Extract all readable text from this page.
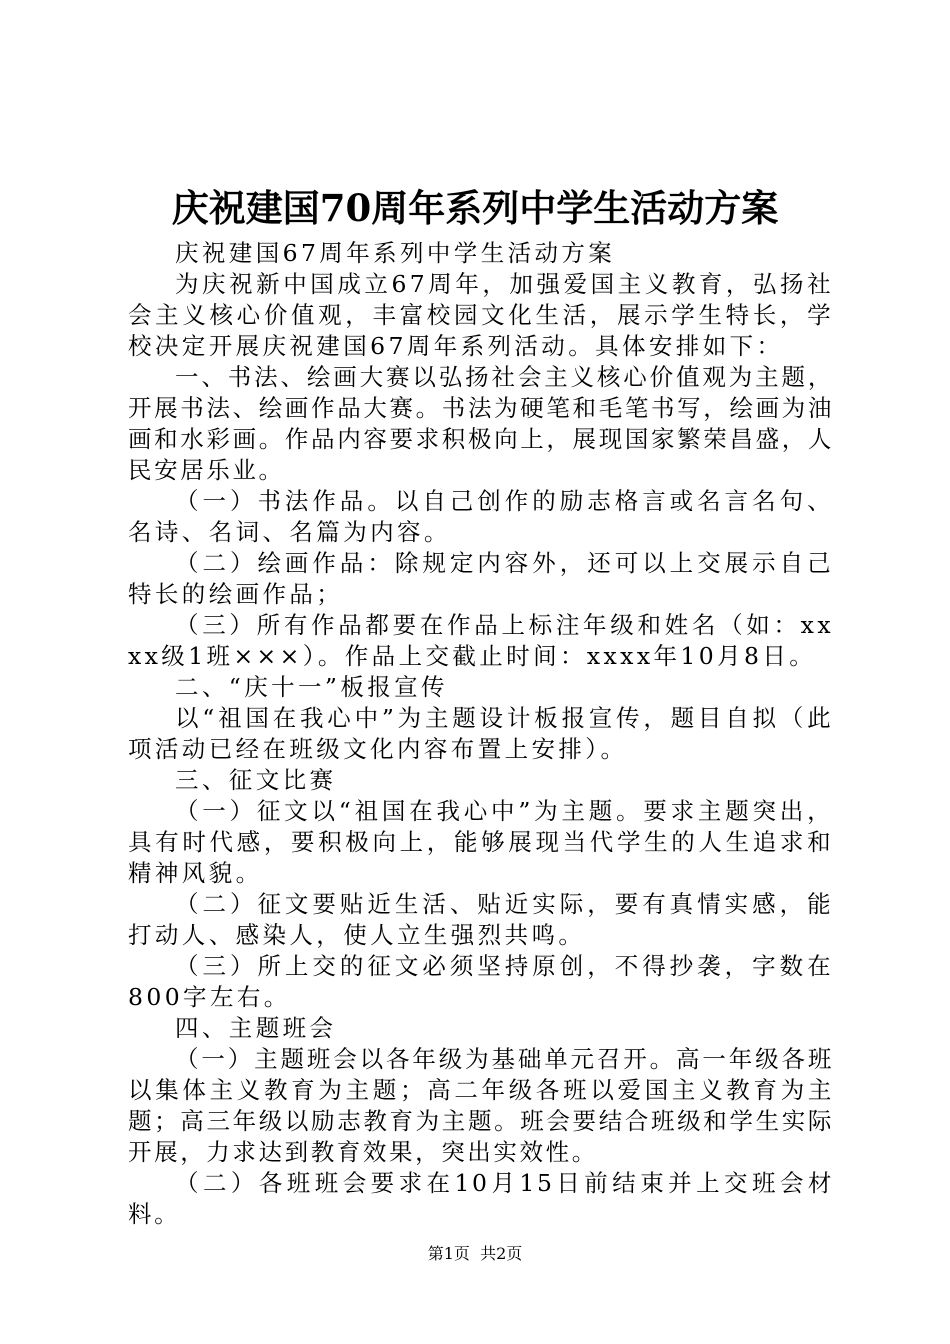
庆祝建国70周年系列中学生活动方案

庆祝建国67周年系列中学生活动方案

为庆祝新中国成立67周年，加强爱国主义教育，弘扬社会主义核心价值观，丰富校园文化生活，展示学生特长，学校决定开展庆祝建国67周年系列活动。具体安排如下：

一、书法、绘画大赛以弘扬社会主义核心价值观为主题，开展书法、绘画作品大赛。书法为硬笔和毛笔书写，绘画为油画和水彩画。作品内容要求积极向上，展现国家繁荣昌盛，人民安居乐业。

（一）书法作品。以自己创作的励志格言或名言名句、名诗、名词、名篇为内容。

（二）绘画作品：除规定内容外，还可以上交展示自己特长的绘画作品；

（三）所有作品都要在作品上标注年级和姓名（如：xxxx级1班×××）。作品上交截止时间：xxxx年10月8日。

二、“庆十一”板报宣传

以“祖国在我心中”为主题设计板报宣传，题目自拟（此项活动已经在班级文化内容布置上安排）。

三、征文比赛

（一）征文以“祖国在我心中”为主题。要求主题突出，具有时代感，要积极向上，能够展现当代学生的人生追求和精神风貌。

（二）征文要贴近生活、贴近实际，要有真情实感，能打动人、感染人，使人立生强烈共鸣。

（三）所上交的征文必须坚持原创，不得抄袭，字数在800字左右。

四、主题班会

（一）主题班会以各年级为基础单元召开。高一年级各班以集体主义教育为主题；高二年级各班以爱国主义教育为主题；高三年级以励志教育为主题。班会要结合班级和学生实际开展，力求达到教育效果，突出实效性。

（二）各班班会要求在10月15日前结束并上交班会材料。

第1页  共2页
